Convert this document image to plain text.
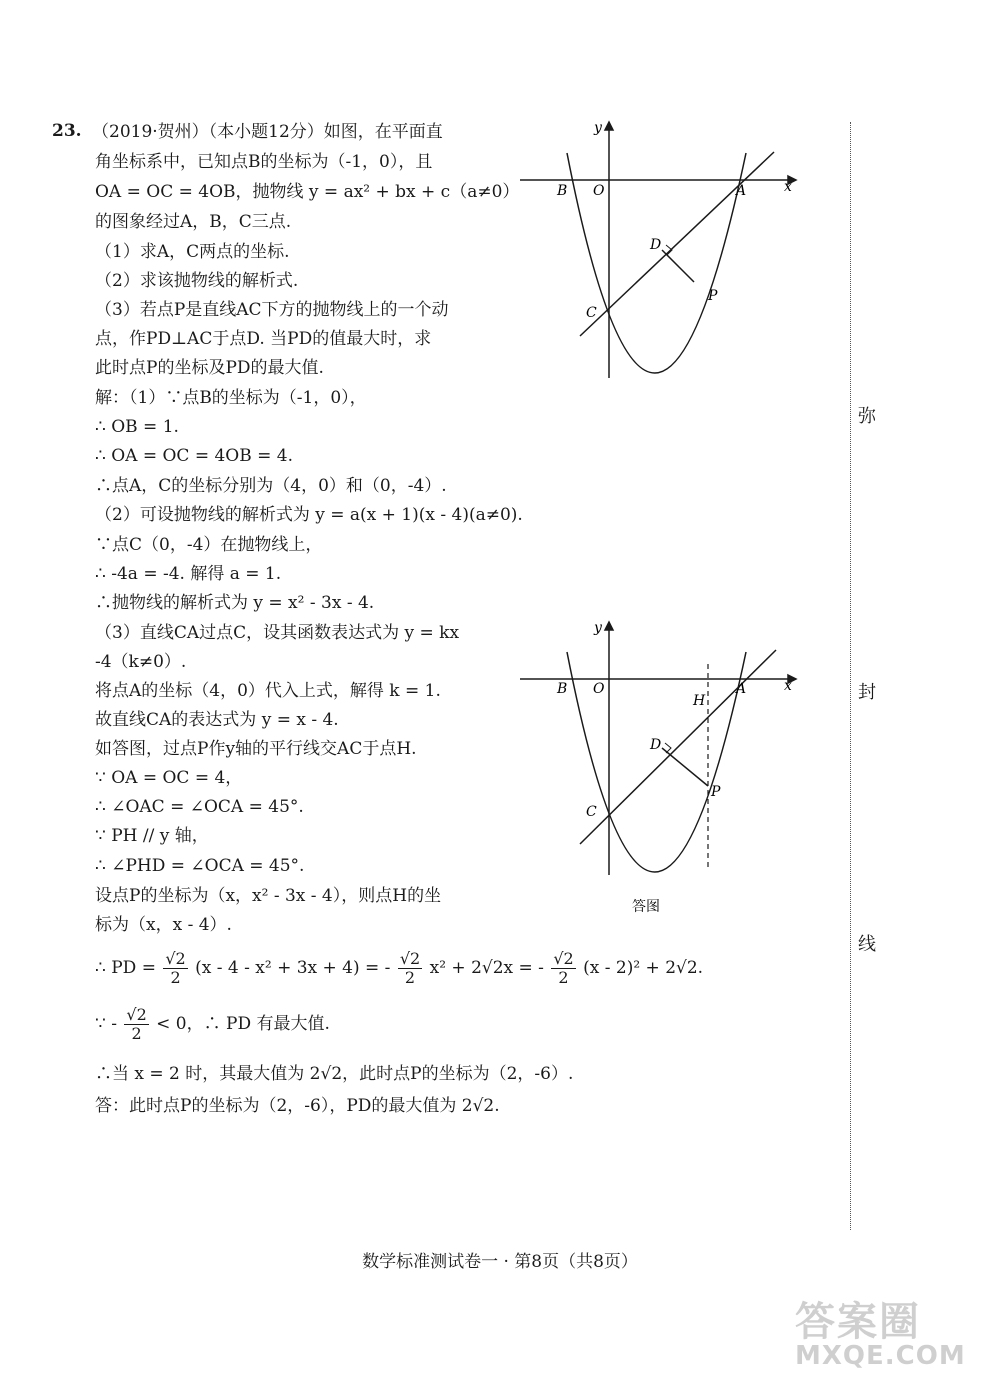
23. （2019·贺州）（本小题12分）如图，在平面直
角坐标系中，已知点B的坐标为（-1，0），且
OA = OC = 4OB，抛物线 y = ax² + bx + c（a≠0）
的图象经过A，B，C三点.
（1）求A，C两点的坐标.
（2）求该抛物线的解析式.
（3）若点P是直线AC下方的抛物线上的一个动
点，作PD⊥AC于点D. 当PD的值最大时，求
此时点P的坐标及PD的最大值.
解：（1）∵点B的坐标为（-1，0），
∴ OB = 1.
∴ OA = OC = 4OB = 4.
∴点A，C的坐标分别为（4，0）和（0，-4）.
（2）可设抛物线的解析式为 y = a(x + 1)(x - 4)(a≠0).
∵点C（0，-4）在抛物线上，
∴ -4a = -4. 解得 a = 1.
∴抛物线的解析式为 y = x² - 3x - 4.
（3）直线CA过点C，设其函数表达式为 y = kx
-4（k≠0）.
将点A的坐标（4，0）代入上式，解得 k = 1.
故直线CA的表达式为 y = x - 4.
如答图，过点P作y轴的平行线交AC于点H.
∵ OA = OC = 4，
∴ ∠OAC = ∠OCA = 45°.
∵ PH // y 轴，
∴ ∠PHD = ∠OCA = 45°.
设点P的坐标为（x，x² - 3x - 4），则点H的坐
标为（x，x - 4）.
∴ PD = $\frac{√2}{2} (x - 4 - x^2 + 3x + 4)$ = - $\frac{√2}{2} x^2 + 2√2x$ = - $\frac{√2}{2} (x - 2)^2 + 2√2$.
∵ - $\frac{√2}{2} < 0$，∴ PD 有最大值.
∴当 x = 2 时，其最大值为 2√2，此时点P的坐标为（2，-6）.
答：此时点P的坐标为（2，-6），PD的最大值为 2√2.
y
x
B O	A
D
P
C
y
x
B O	A
H
D
P
C
答图
弥
封
线
数学标准测试卷一 · 第8页（共8页）
答案圈
MXQE.COM
